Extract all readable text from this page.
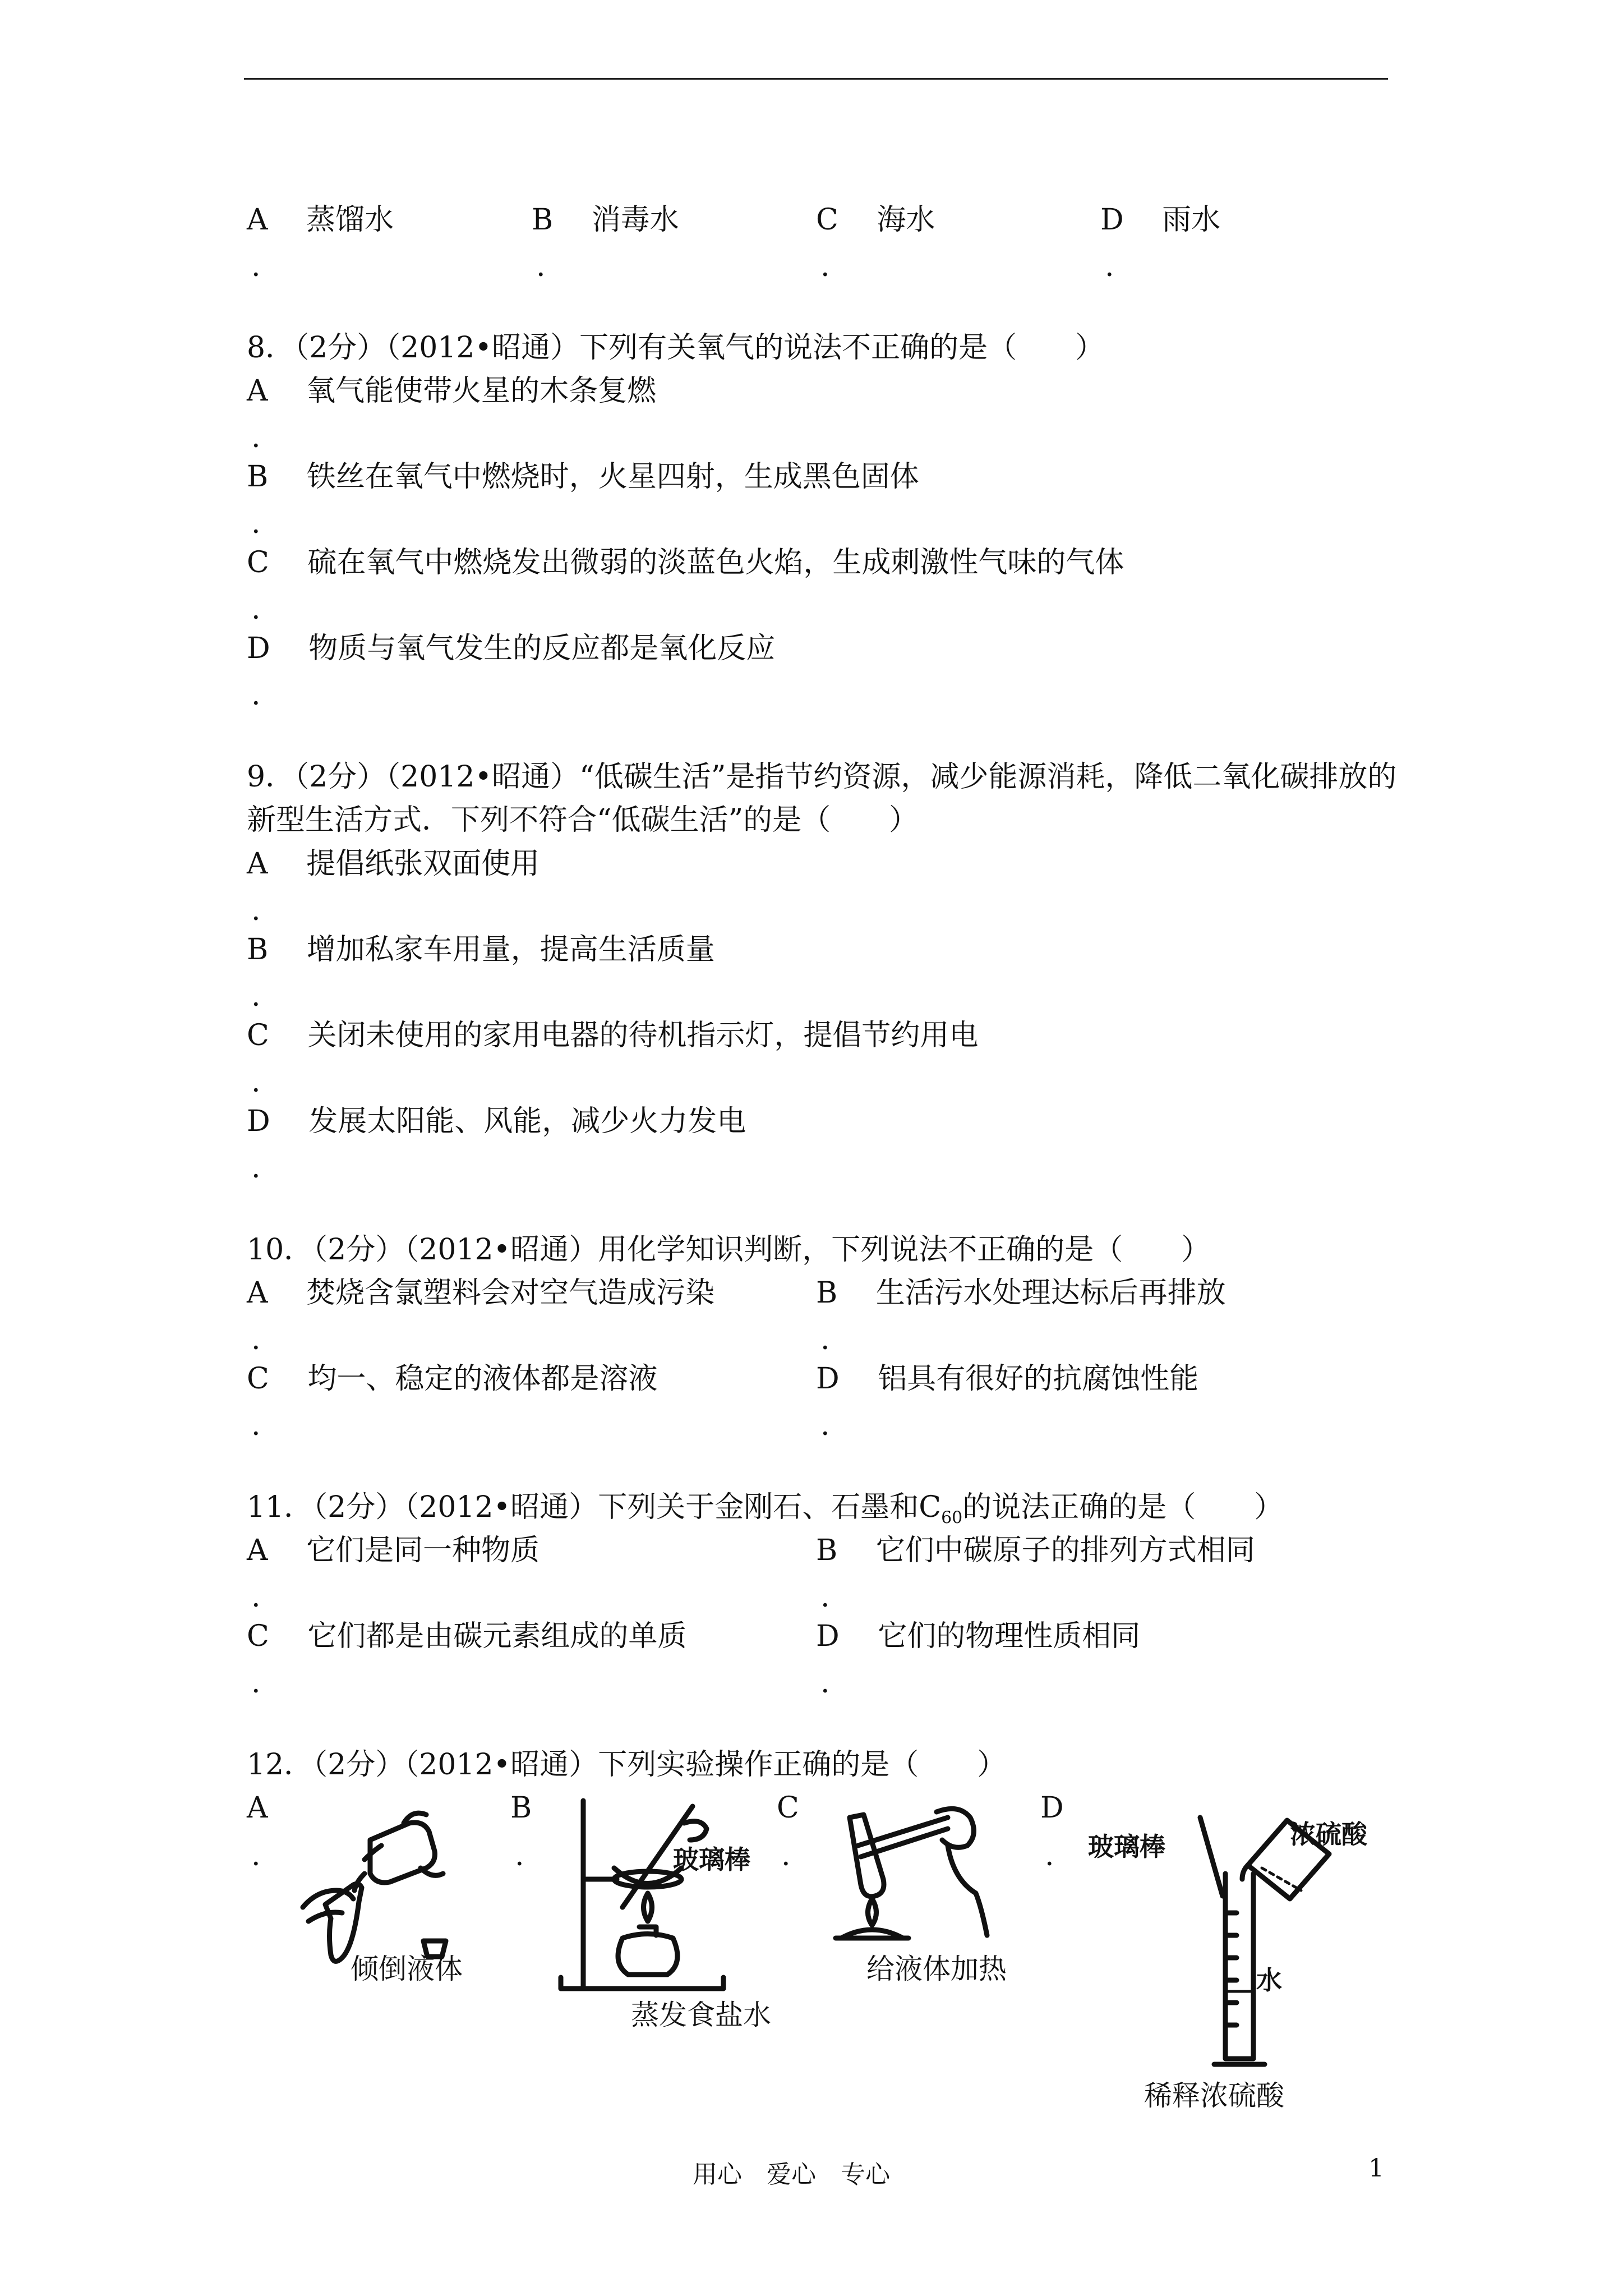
A　 蒸馏水	B　 消毒水	C　 海水	D　 雨水
.	.	.	.
8．（2分）（2012•昭通）下列有关氧气的说法不正确的是（　　）
A　 氧气能使带火星的木条复燃
.
B　 铁丝在氧气中燃烧时，火星四射，生成黑色固体
.
C　 硫在氧气中燃烧发出微弱的淡蓝色火焰，生成刺激性气味的气体
.
D　 物质与氧气发生的反应都是氧化反应
.
9．（2分）（2012•昭通）“低碳生活”是指节约资源，减少能源消耗，降低二氧化碳排放的
新型生活方式．下列不符合“低碳生活”的是（　　）
A　 提倡纸张双面使用
.
B　 增加私家车用量，提高生活质量
.
C　 关闭未使用的家用电器的待机指示灯，提倡节约用电
.
D　 发展太阳能、风能，减少火力发电
.
10．（2分）（2012•昭通）用化学知识判断，下列说法不正确的是（　　）
A　 焚烧含氯塑料会对空气造成污染	B　 生活污水处理达标后再排放
.	.
C　 均一、稳定的液体都是溶液	D　 铝具有很好的抗腐蚀性能
.	.
11．（2分）（2012•昭通）下列关于金刚石、石墨和$C_{60}$的说法正确的是（　　）
A　 它们是同一种物质	B　 它们中碳原子的排列方式相同
.	.
C　 它们都是由碳元素组成的单质	D　 它们的物理性质相同
.	.
12．（2分）（2012•昭通）下列实验操作正确的是（　　）
A
.
倾倒液体
B
.	玻璃棒
蒸发食盐水
C
.
给液体加热
D
. 玻璃棒	浓硫酸
水
稀释浓硫酸
用心　爱心　专心	1
